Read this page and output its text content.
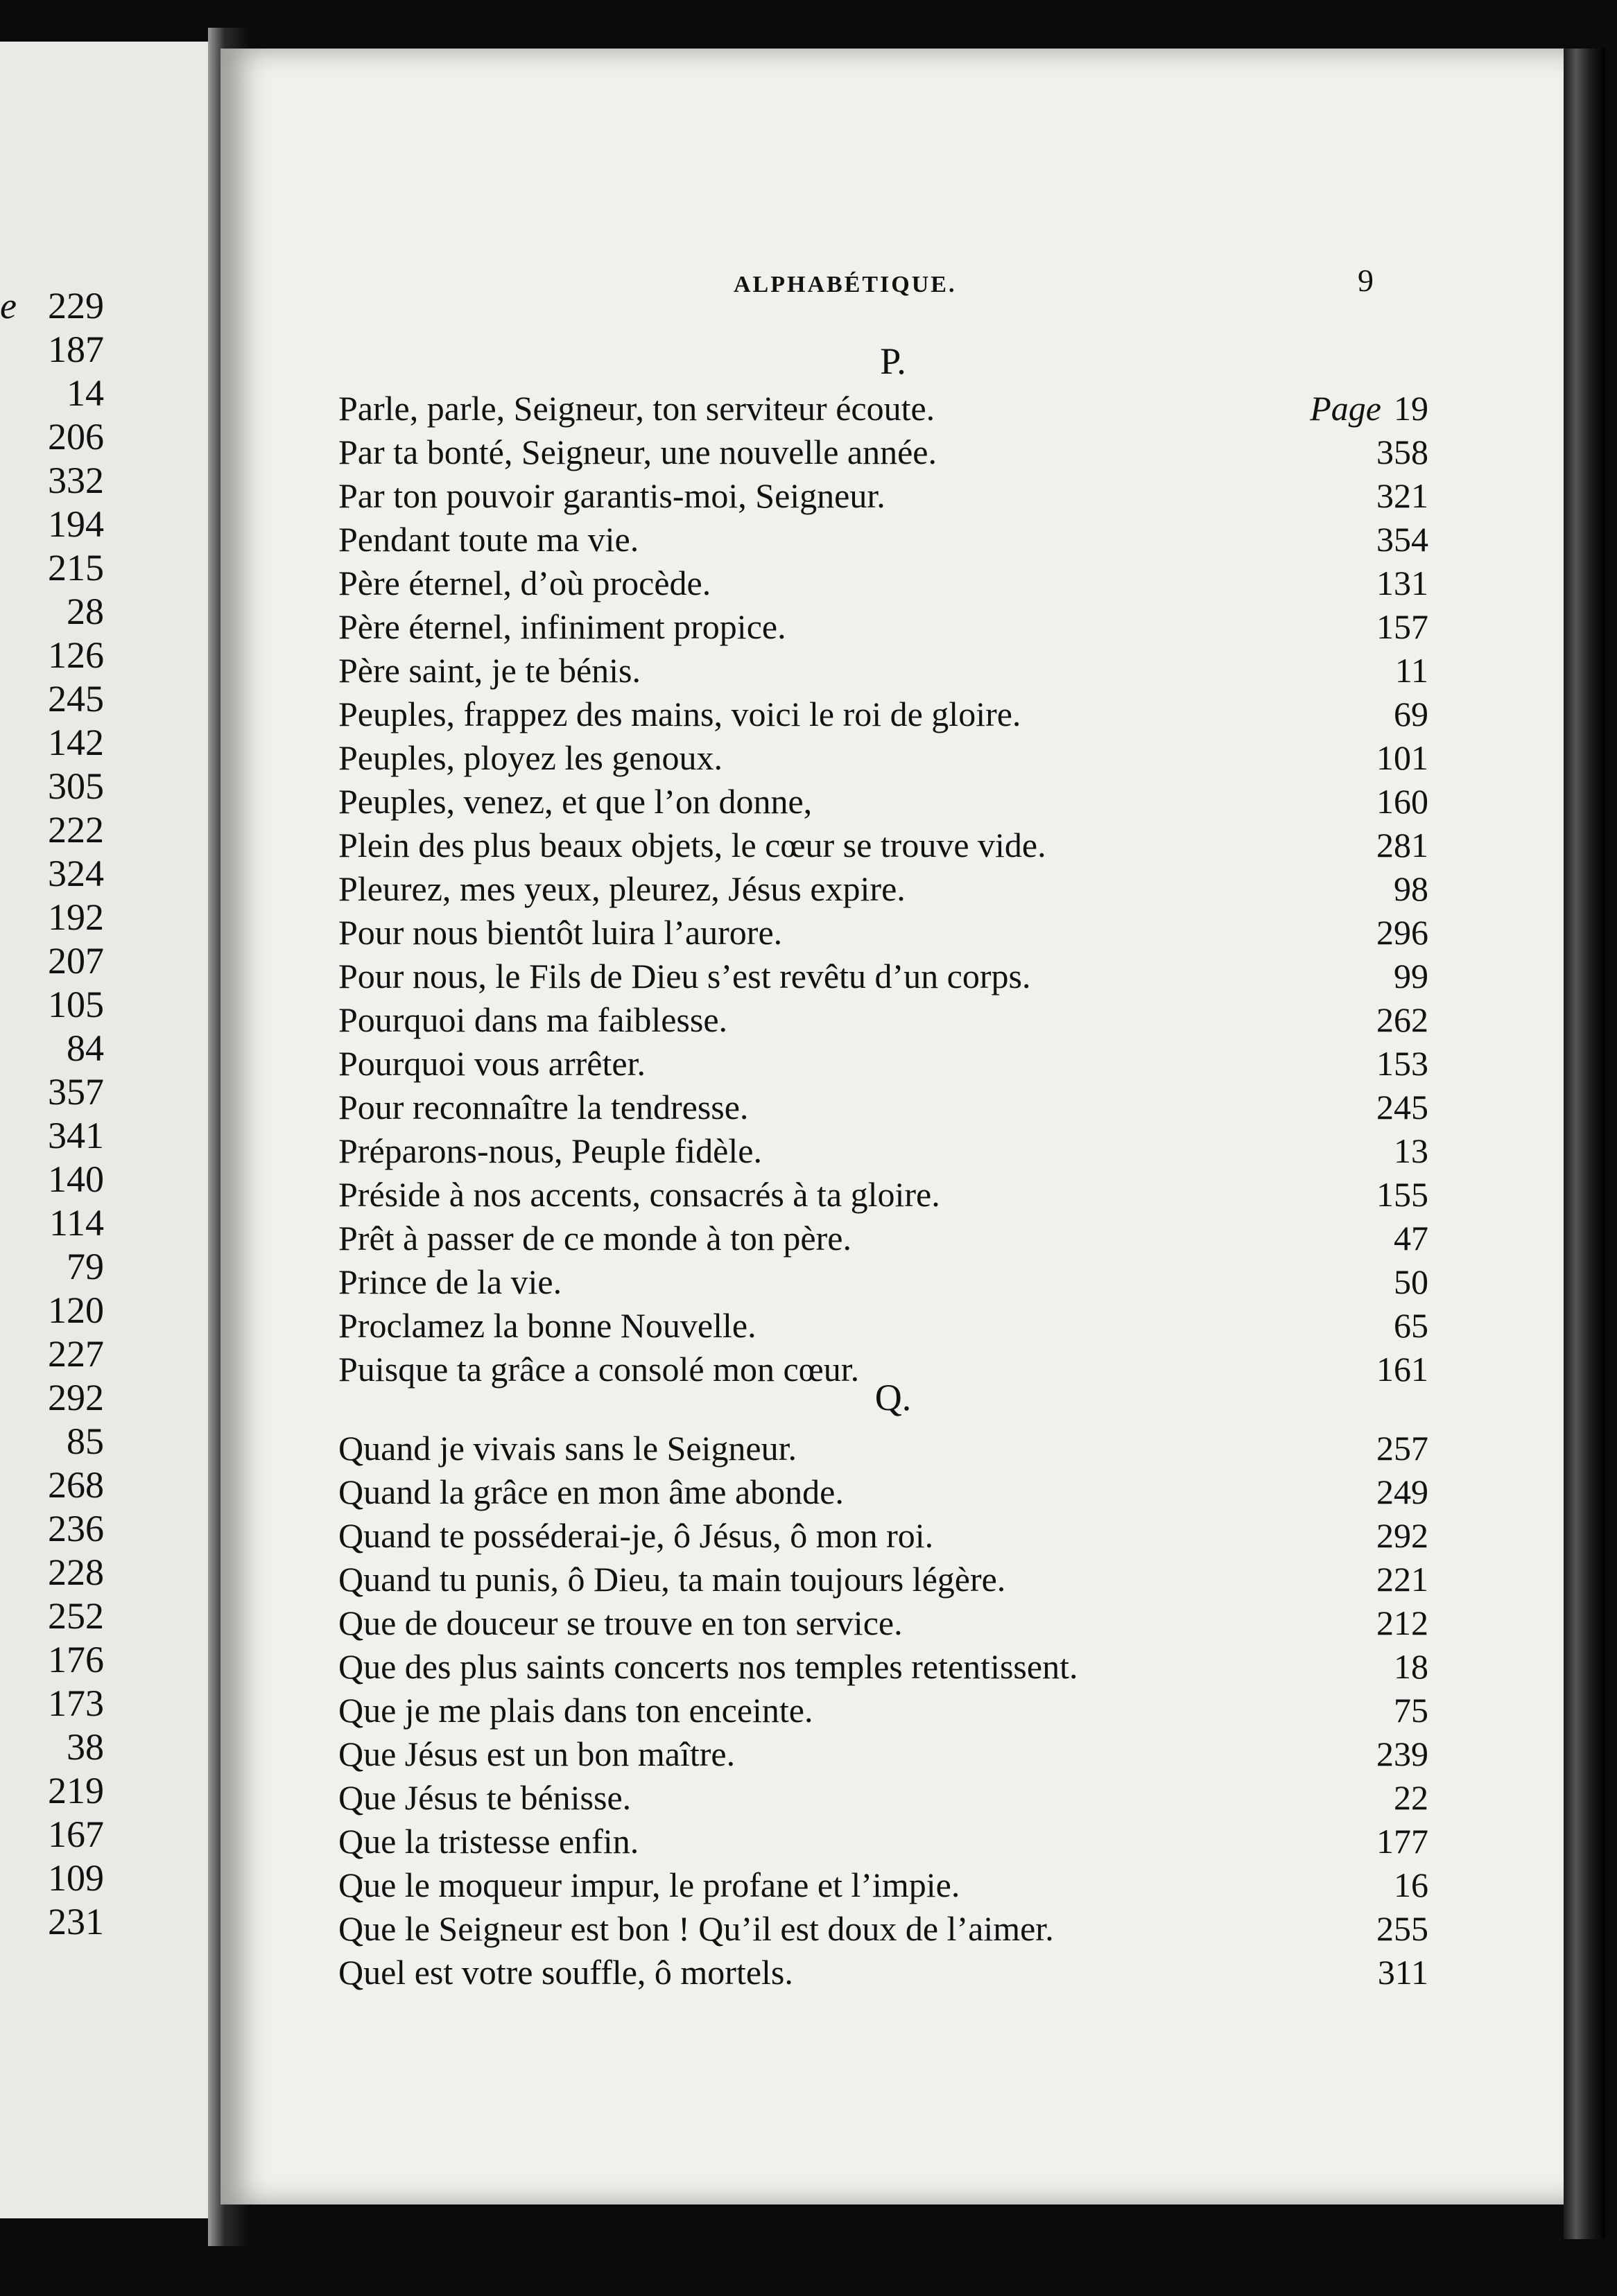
e 229
187
14
206
332
194
215
28
126
245
142
305
222
324
192
207
105
84
357
341
140
114
79
120
227
292
85
268
236
228
252
176
173
38
219
167
109
231
ALPHABÉTIQUE.	9
P.
Parle, parle, Seigneur, ton serviteur écoute.	Page 19
Par ta bonté, Seigneur, une nouvelle année.	358
Par ton pouvoir garantis-moi, Seigneur.	321
Pendant toute ma vie.	354
Père éternel, d’où procède.	131
Père éternel, infiniment propice.	157
Père saint, je te bénis.	11
Peuples, frappez des mains, voici le roi de gloire.	69
Peuples, ployez les genoux.	101
Peuples, venez, et que l’on donne,	160
Plein des plus beaux objets, le cœur se trouve vide.	281
Pleurez, mes yeux, pleurez, Jésus expire.	98
Pour nous bientôt luira l’aurore.	296
Pour nous, le Fils de Dieu s’est revêtu d’un corps.	99
Pourquoi dans ma faiblesse.	262
Pourquoi vous arrêter.	153
Pour reconnaître la tendresse.	245
Préparons-nous, Peuple fidèle.	13
Préside à nos accents, consacrés à ta gloire.	155
Prêt à passer de ce monde à ton père.	47
Prince de la vie.	50
Proclamez la bonne Nouvelle.	65
Puisque ta grâce a consolé mon cœur.	161
Q.
Quand je vivais sans le Seigneur.	257
Quand la grâce en mon âme abonde.	249
Quand te posséderai-je, ô Jésus, ô mon roi.	292
Quand tu punis, ô Dieu, ta main toujours légère.	221
Que de douceur se trouve en ton service.	212
Que des plus saints concerts nos temples retentissent.	18
Que je me plais dans ton enceinte.	75
Que Jésus est un bon maître.	239
Que Jésus te bénisse.	22
Que la tristesse enfin.	177
Que le moqueur impur, le profane et l’impie.	16
Que le Seigneur est bon ! Qu’il est doux de l’aimer.	255
Quel est votre souffle, ô mortels.	311
